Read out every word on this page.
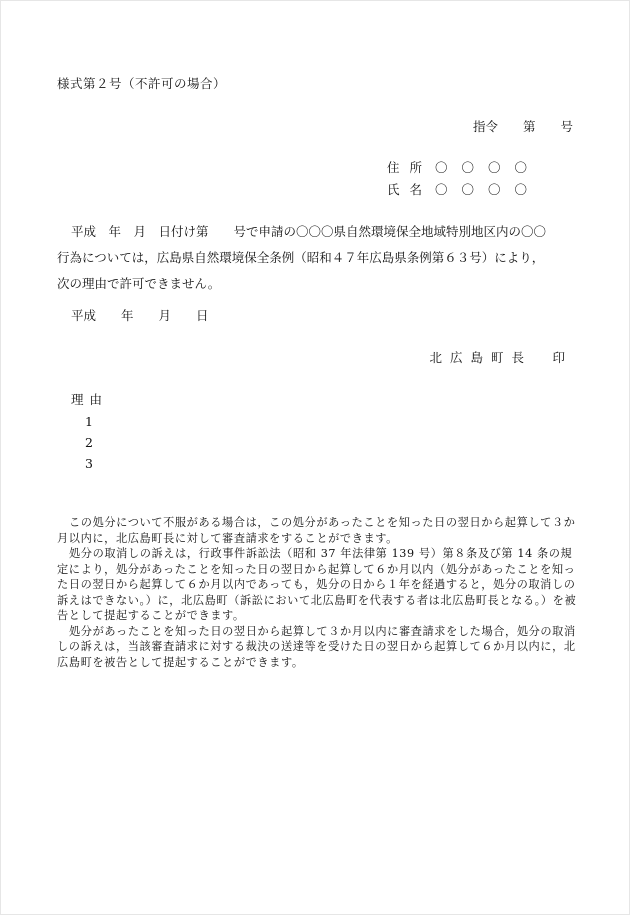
様式第２号（不許可の場合）
指令　　第　　号
住所 〇〇〇〇
氏名 〇〇〇〇

平成　年　月　日付け第　　号で申請の〇〇〇県自然環境保全地域特別地区内の〇〇

行為については，広島県自然環境保全条例（昭和４７年広島県条例第６３号）により，

次の理由で許可できません。

平成　　年　　月　　日
北広島町長　印
理由
1
2
3

この処分について不服がある場合は，この処分があったことを知った日の翌日から起算して３か月以内に，北広島町長に対して審査請求をすることができます。

処分の取消しの訴えは，行政事件訴訟法（昭和 37 年法律第 139 号）第８条及び第 14 条の規定により，処分があったことを知った日の翌日から起算して６か月以内（処分があったことを知った日の翌日から起算して６か月以内であっても，処分の日から１年を経過すると，処分の取消しの訴えはできない。）に，北広島町（訴訟において北広島町を代表する者は北広島町長となる。）を被告として提起することができます。

処分があったことを知った日の翌日から起算して３か月以内に審査請求をした場合，処分の取消しの訴えは，当該審査請求に対する裁決の送達等を受けた日の翌日から起算して６か月以内に，北広島町を被告として提起することができます。
